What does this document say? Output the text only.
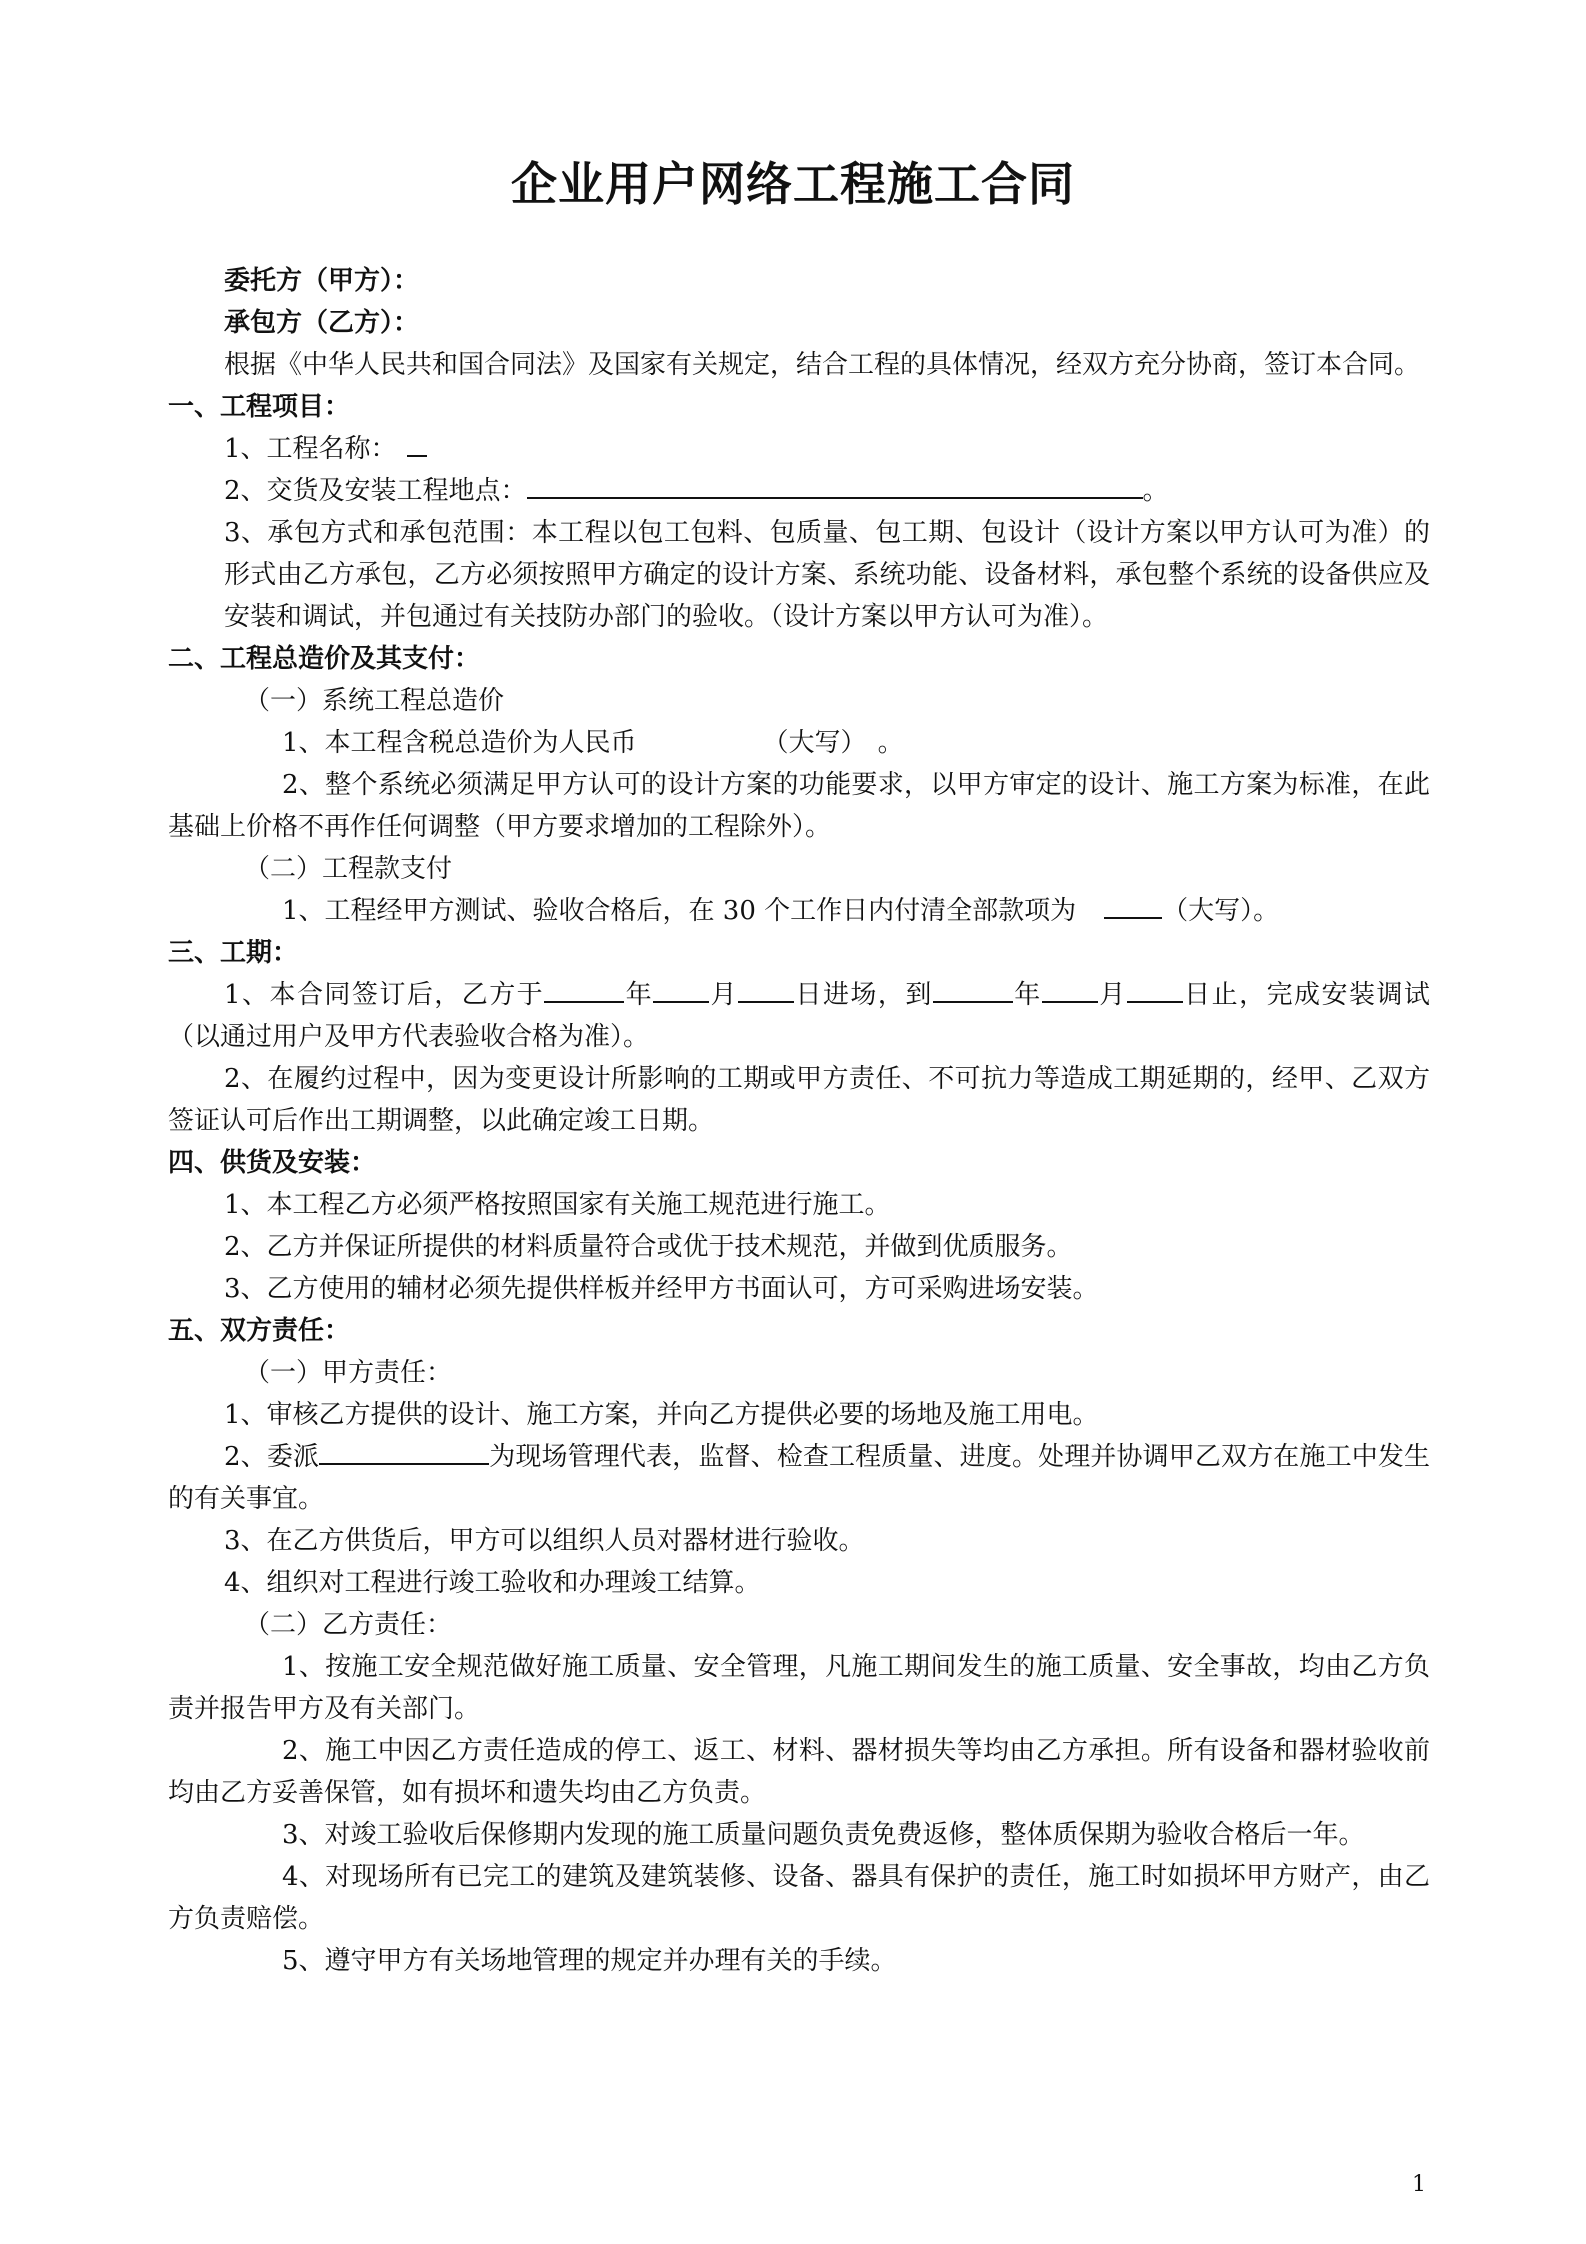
企业用户网络工程施工合同

委托方（甲方）：

承包方（乙方）：

根据《中华人民共和国合同法》及国家有关规定，结合工程的具体情况，经双方充分协商，签订本合同。

一、工程项目：

1、工程名称：

2、交货及安装工程地点：	。

3、承包方式和承包范围：本工程以包工包料、包质量、包工期、包设计（设计方案以甲方认可为准）的形式由乙方承包，乙方必须按照甲方确定的设计方案、系统功能、设备材料，承包整个系统的设备供应及安装和调试，并包通过有关技防办部门的验收。（设计方案以甲方认可为准）。

二、工程总造价及其支付：

（一）系统工程总造价

1、本工程含税总造价为人民币	（大写） 。

2、整个系统必须满足甲方认可的设计方案的功能要求，以甲方审定的设计、施工方案为标准，在此基础上价格不再作任何调整（甲方要求增加的工程除外）。

（二）工程款支付

1、工程经甲方测试、验收合格后，在 30 个工作日内付清全部款项为	（大写）。

三、工期：

1、本合同签订后，乙方于	年 月 日进场，到	年 月 日止，完成安装调试（以通过用户及甲方代表验收合格为准）。

2、在履约过程中，因为变更设计所影响的工期或甲方责任、不可抗力等造成工期延期的，经甲、乙双方签证认可后作出工期调整，以此确定竣工日期。

四、供货及安装：

1、本工程乙方必须严格按照国家有关施工规范进行施工。

2、乙方并保证所提供的材料质量符合或优于技术规范，并做到优质服务。

3、乙方使用的辅材必须先提供样板并经甲方书面认可，方可采购进场安装。

五、双方责任：

（一）甲方责任：

1、审核乙方提供的设计、施工方案，并向乙方提供必要的场地及施工用电。

2、委派	为现场管理代表，监督、检查工程质量、进度。处理并协调甲乙双方在施工中发生的有关事宜。

3、在乙方供货后，甲方可以组织人员对器材进行验收。

4、组织对工程进行竣工验收和办理竣工结算。

（二）乙方责任：

1、按施工安全规范做好施工质量、安全管理，凡施工期间发生的施工质量、安全事故，均由乙方负责并报告甲方及有关部门。

2、施工中因乙方责任造成的停工、返工、材料、器材损失等均由乙方承担。所有设备和器材验收前均由乙方妥善保管，如有损坏和遗失均由乙方负责。

3、对竣工验收后保修期内发现的施工质量问题负责免费返修，整体质保期为验收合格后一年。

4、对现场所有已完工的建筑及建筑装修、设备、器具有保护的责任，施工时如损坏甲方财产，由乙方负责赔偿。

5、遵守甲方有关场地管理的规定并办理有关的手续。

1
